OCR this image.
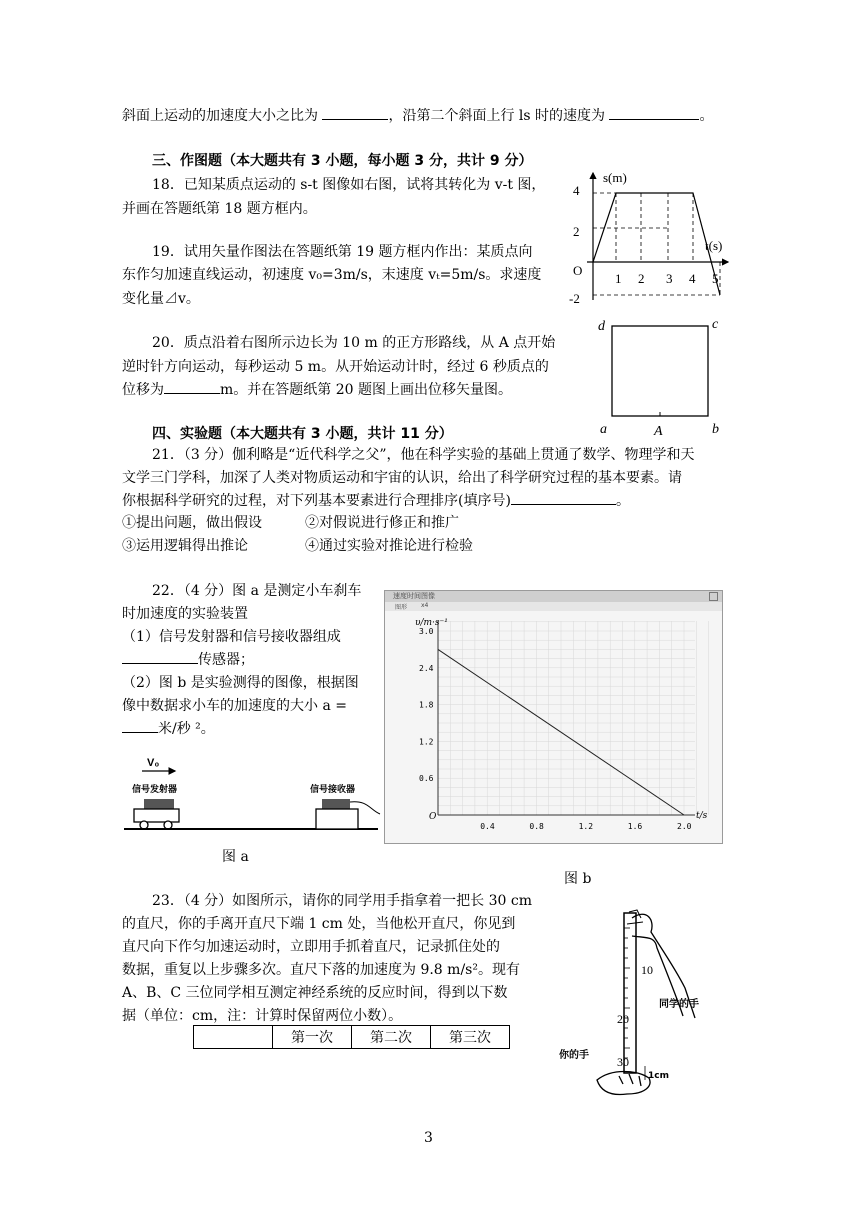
斜面上运动的加速度大小之比为	，沿第二个斜面上行 ls 时的速度为	。
三、作图题（本大题共有 3 小题，每小题 3 分，共计 9 分）
18．已知某质点运动的 s-t 图像如右图，试将其转化为 v-t 图，
并画在答题纸第 18 题方框内。
19．试用矢量作图法在答题纸第 19 题方框内作出：某质点向
东作匀加速直线运动，初速度 v₀=3m/s，末速度 vₜ=5m/s。求速度
变化量⊿v。
20．质点沿着右图所示边长为 10 m 的正方形路线，从 A 点开始
逆时针方向运动，每秒运动 5 m。从开始运动计时，经过 6 秒质点的
位移为	m。并在答题纸第 20 题图上画出位移矢量图。
四、实验题（本大题共有 3 小题，共计 11 分）
21．（3 分）伽利略是“近代科学之父”，他在科学实验的基础上贯通了数学、物理学和天
文学三门学科，加深了人类对物质运动和宇宙的认识，给出了科学研究过程的基本要素。请
你根据科学研究的过程，对下列基本要素进行合理排序(填序号)	。
①提出问题，做出假设	②对假说进行修正和推广
③运用逻辑得出推论	④通过实验对推论进行检验
22．（4 分）图 a 是测定小车刹车
时加速度的实验装置
（1）信号发射器和信号接收器组成
传感器；
（2）图 b 是实验测得的图像，根据图
像中数据求小车的加速度的大小 a =
米/秒 ²。
23．（4 分）如图所示，请你的同学用手指拿着一把长 30 cm
的直尺，你的手离开直尺下端 1 cm 处，当他松开直尺，你见到
直尺向下作匀加速运动时，立即用手抓着直尺，记录抓住处的
数据，重复以上步骤多次。直尺下落的加速度为 9.8 m/s²。现有
A、B、C 三位同学相互测定神经系统的反应时间，得到以下数
据（单位：cm，注：计算时保留两位小数）。
	第一次	第二次	第三次
s(m)
t(s)
O
4
2
-2
1 2 3 4 5
d	c
a	b
A
V₀
信号发射器	信号接收器
图 a
速度时间图像
图形 x4
υ/m·s⁻¹
t/s
O
3.0
2.4
1.8
1.2
0.6
0.4	0.8	1.2	1.6	2.0
图 b
10
20
30
同学的手
你的手
1cm
3
